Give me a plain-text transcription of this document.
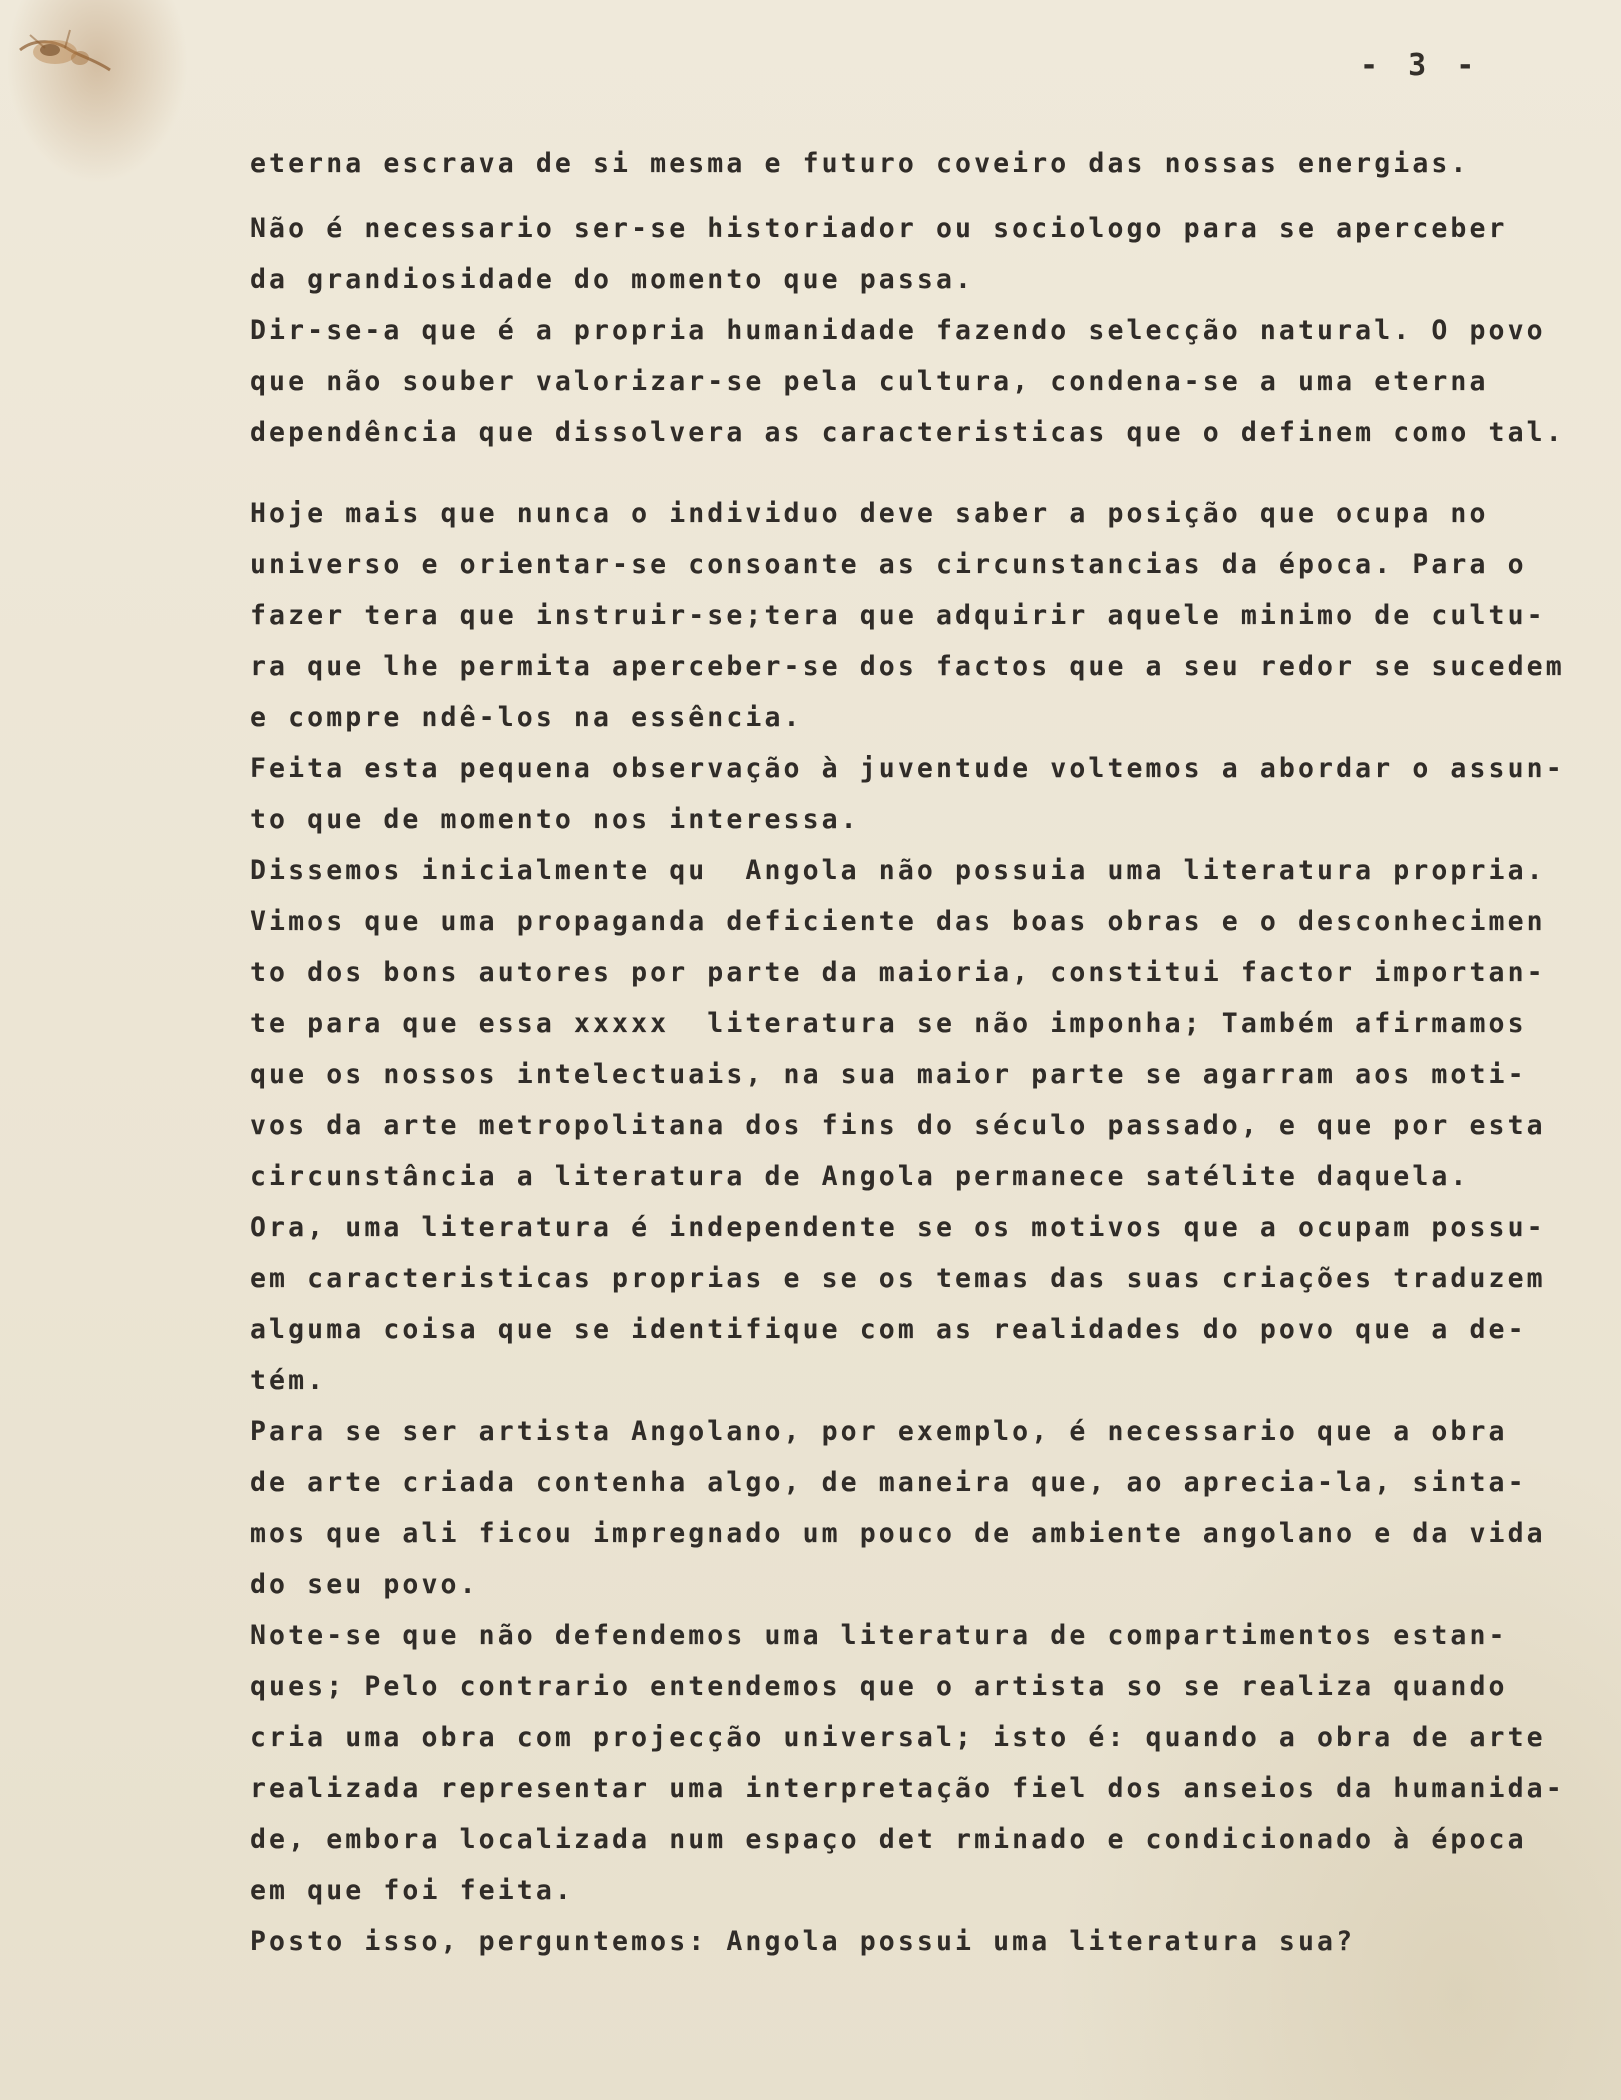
- 3 -
eterna escrava de si mesma e futuro coveiro das nossas energias.
Não é necessario ser-se historiador ou sociologo para se aperceber
da grandiosidade do momento que passa.
Dir-se-a que é a propria humanidade fazendo selecção natural. O povo
que não souber valorizar-se pela cultura, condena-se a uma eterna
dependência que dissolvera as caracteristicas que o definem como tal.
Hoje mais que nunca o individuo deve saber a posição que ocupa no
universo e orientar-se consoante as circunstancias da época. Para o
fazer tera que instruir-se;tera que adquirir aquele minimo de cultu-
ra que lhe permita aperceber-se dos factos que a seu redor se sucedem
e compre ndê-los na essência.
Feita esta pequena observação à juventude voltemos a abordar o assun-
to que de momento nos interessa.
Dissemos inicialmente qu  Angola não possuia uma literatura propria.
Vimos que uma propaganda deficiente das boas obras e o desconhecimen
to dos bons autores por parte da maioria, constitui factor importan-
te para que essa xxxxx  literatura se não imponha; Também afirmamos
que os nossos intelectuais, na sua maior parte se agarram aos moti-
vos da arte metropolitana dos fins do século passado, e que por esta
circunstância a literatura de Angola permanece satélite daquela.
Ora, uma literatura é independente se os motivos que a ocupam possu-
em caracteristicas proprias e se os temas das suas criações traduzem
alguma coisa que se identifique com as realidades do povo que a de-
tém.
Para se ser artista Angolano, por exemplo, é necessario que a obra
de arte criada contenha algo, de maneira que, ao aprecia-la, sinta-
mos que ali ficou impregnado um pouco de ambiente angolano e da vida
do seu povo.
Note-se que não defendemos uma literatura de compartimentos estan-
ques; Pelo contrario entendemos que o artista so se realiza quando
cria uma obra com projecção universal; isto é: quando a obra de arte
realizada representar uma interpretação fiel dos anseios da humanida-
de, embora localizada num espaço det rminado e condicionado à época
em que foi feita.
Posto isso, perguntemos: Angola possui uma literatura sua?
